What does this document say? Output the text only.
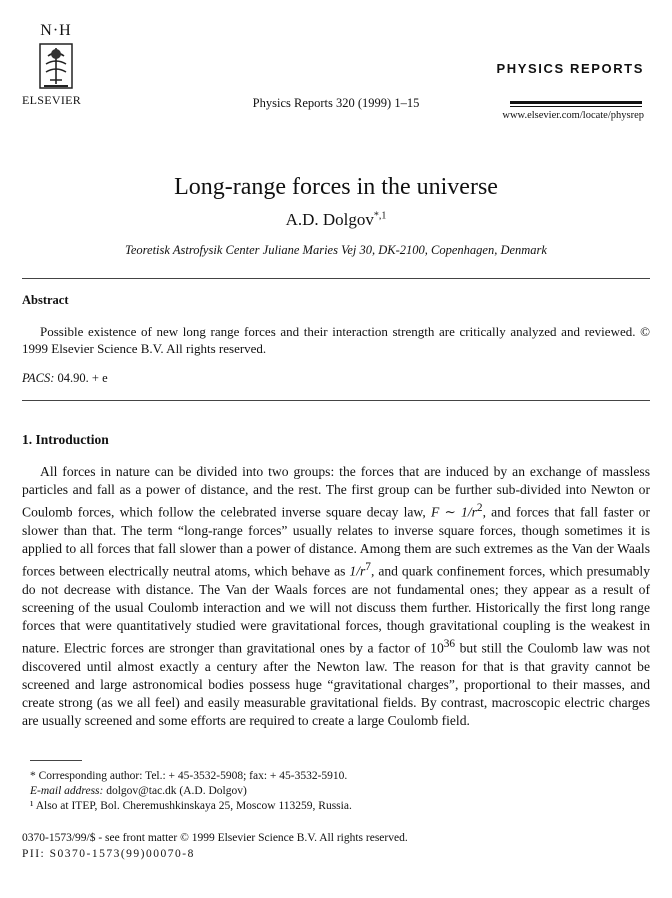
N·H
ELSEVIER	Physics Reports 320 (1999) 1–15
PHYSICS REPORTS
www.elsevier.com/locate/physrep
Long-range forces in the universe
A.D. Dolgov$^{*,1}$
Teoretisk Astrofysik Center Juliane Maries Vej 30, DK-2100, Copenhagen, Denmark
Abstract
Possible existence of new long range forces and their interaction strength are critically analyzed and reviewed. © 1999 Elsevier Science B.V. All rights reserved.
PACS: 04.90. + e
1. Introduction

All forces in nature can be divided into two groups: the forces that are induced by an exchange of massless particles and fall as a power of distance, and the rest. The first group can be further sub-divided into Newton or Coulomb forces, which follow the celebrated inverse square decay law, F ∼ $1/r^2$, and forces that fall faster or slower than that. The term “long-range forces” usually relates to inverse square forces, though sometimes it is applied to all forces that fall slower than a power of distance. Among them are such extremes as the Van der Waals forces between electrically neutral atoms, which behave as $1/r^7$, and quark confinement forces, which presumably do not decrease with distance. The Van der Waals forces are not fundamental ones; they appear as a result of screening of the usual Coulomb interaction and we will not discuss them further. Historically the first long range forces that were quantitatively studied were gravitational forces, though gravitational coupling is the weakest in nature. Electric forces are stronger than gravitational ones by a factor of $10^{36}$ but still the Coulomb law was not discovered until almost exactly a century after the Newton law. The reason for that is that gravity cannot be screened and large astronomical bodies possess huge “gravitational charges”, proportional to their masses, and create strong (as we all feel) and easily measurable gravitational fields. By contrast, macroscopic electric charges are usually screened and some efforts are required to create a large Coulomb field.

* Corresponding author: Tel.: + 45-3532-5908; fax: + 45-3532-5910.
E-mail address: dolgov@tac.dk (A.D. Dolgov)
¹ Also at ITEP, Bol. Cheremushkinskaya 25, Moscow 113259, Russia.
0370-1573/99/$ - see front matter © 1999 Elsevier Science B.V. All rights reserved.
PII: S0370-1573(99)00070-8
